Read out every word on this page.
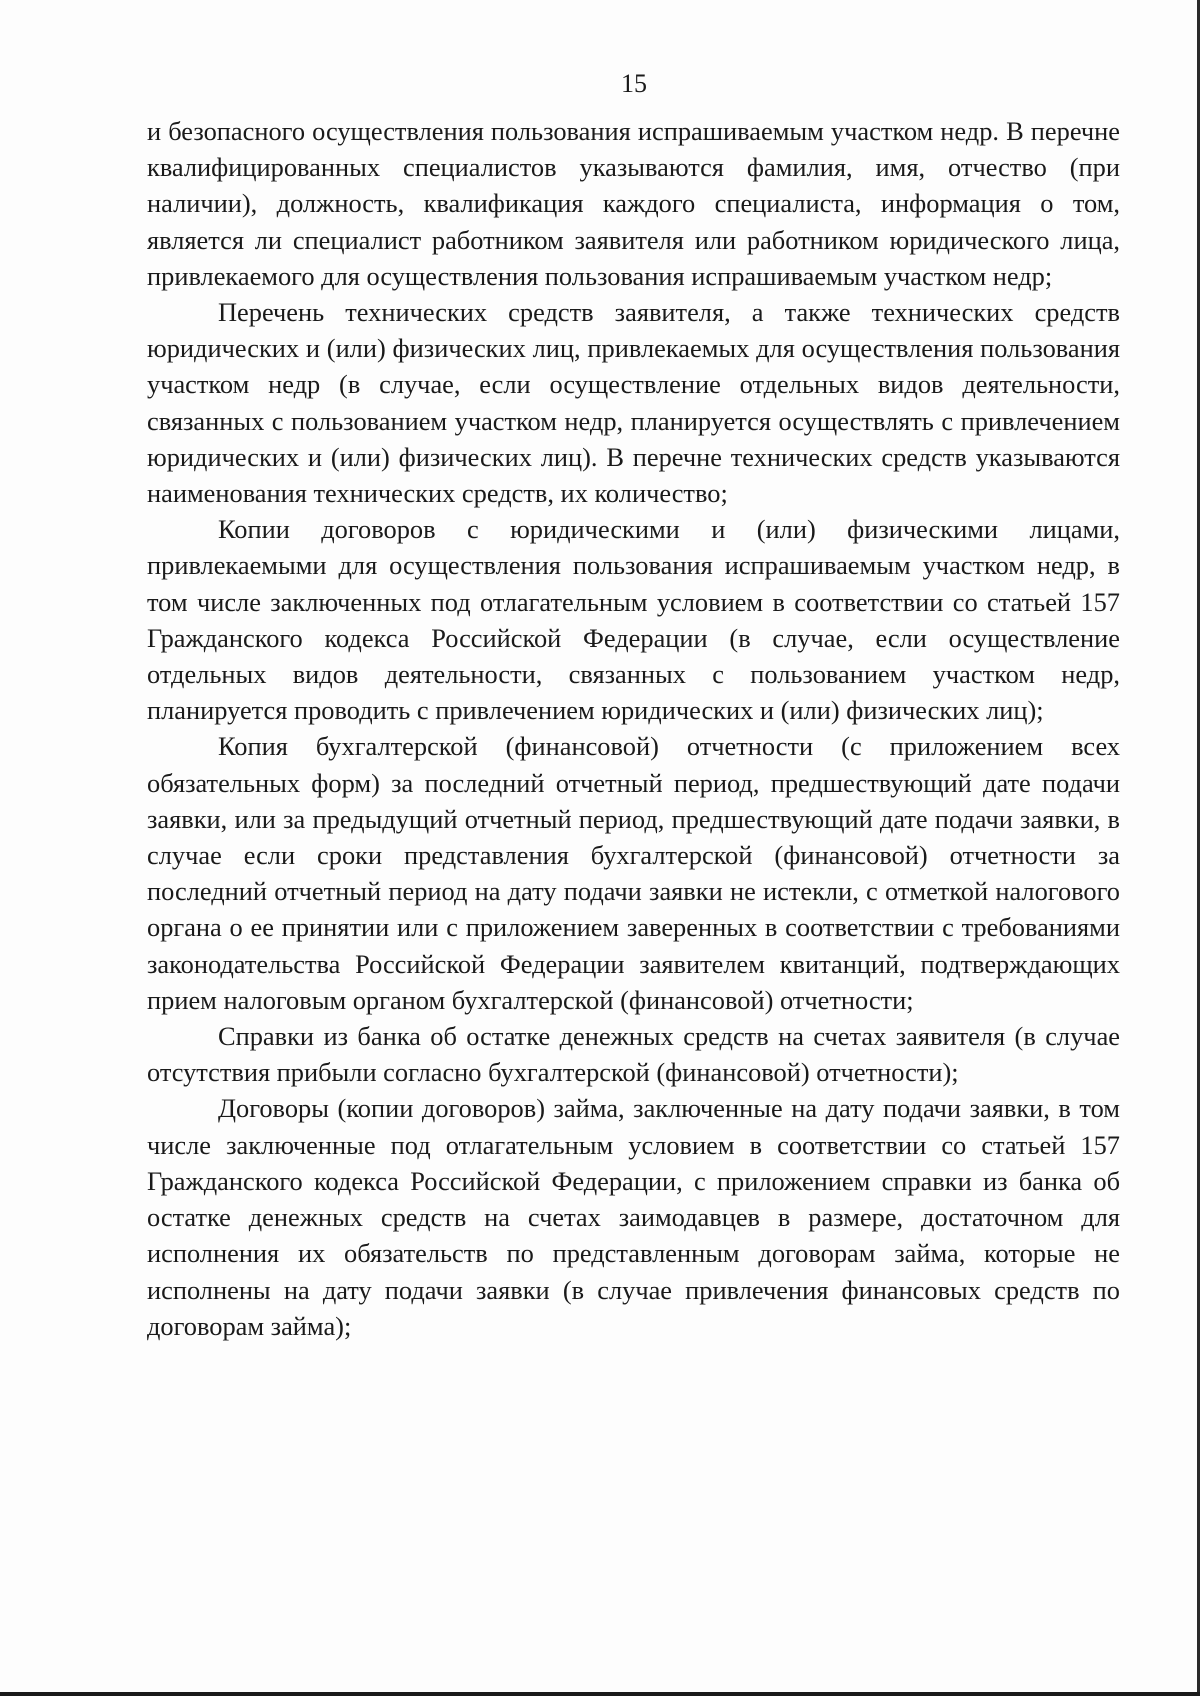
15

и безопасного осуществления пользования испрашиваемым участком недр. В перечне квалифицированных специалистов указываются фамилия, имя, отчество (при наличии), должность, квалификация каждого специалиста, информация о том, является ли специалист работником заявителя или работником юридического лица, привлекаемого для осуществления пользования испрашиваемым участком недр;

Перечень технических средств заявителя, а также технических средств юридических и (или) физических лиц, привлекаемых для осуществления пользования участком недр (в случае, если осуществление отдельных видов деятельности, связанных с пользованием участком недр, планируется осуществлять с привлечением юридических и (или) физических лиц). В перечне технических средств указываются наименования технических средств, их количество;

Копии договоров с юридическими и (или) физическими лицами, привлекаемыми для осуществления пользования испрашиваемым участком недр, в том числе заключенных под отлагательным условием в соответствии со статьей 157 Гражданского кодекса Российской Федерации (в случае, если осуществление отдельных видов деятельности, связанных с пользованием участком недр, планируется проводить с привлечением юридических и (или) физических лиц);

Копия бухгалтерской (финансовой) отчетности (с приложением всех обязательных форм) за последний отчетный период, предшествующий дате подачи заявки, или за предыдущий отчетный период, предшествующий дате подачи заявки, в случае если сроки представления бухгалтерской (финансовой) отчетности за последний отчетный период на дату подачи заявки не истекли, с отметкой налогового органа о ее принятии или с приложением заверенных в соответствии с требованиями законодательства Российской Федерации заявителем квитанций, подтверждающих прием налоговым органом бухгалтерской (финансовой) отчетности;

Справки из банка об остатке денежных средств на счетах заявителя (в случае отсутствия прибыли согласно бухгалтерской (финансовой) отчетности);

Договоры (копии договоров) займа, заключенные на дату подачи заявки, в том числе заключенные под отлагательным условием в соответствии со статьей 157 Гражданского кодекса Российской Федерации, с приложением справки из банка об остатке денежных средств на счетах заимодавцев в размере, достаточном для исполнения их обязательств по представленным договорам займа, которые не исполнены на дату подачи заявки (в случае привлечения финансовых средств по договорам займа);
